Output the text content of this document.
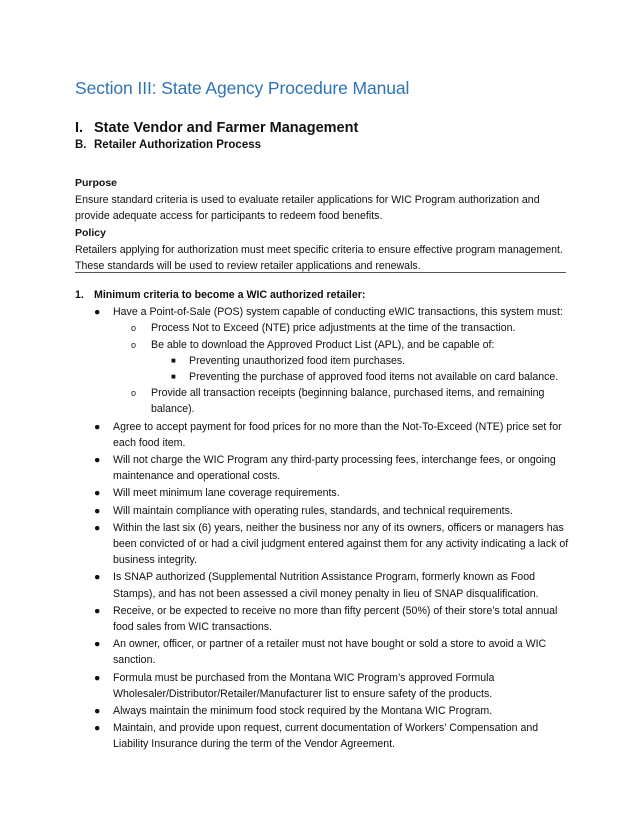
Section III: State Agency Procedure Manual
I. State Vendor and Farmer Management
B. Retailer Authorization Process
Purpose
Ensure standard criteria is used to evaluate retailer applications for WIC Program authorization and provide adequate access for participants to redeem food benefits.
Policy
Retailers applying for authorization must meet specific criteria to ensure effective program management. These standards will be used to review retailer applications and renewals.
1. Minimum criteria to become a WIC authorized retailer:
● Have a Point-of-Sale (POS) system capable of conducting eWIC transactions, this system must:
o Process Not to Exceed (NTE) price adjustments at the time of the transaction.
o Be able to download the Approved Product List (APL), and be capable of:
■ Preventing unauthorized food item purchases.
■ Preventing the purchase of approved food items not available on card balance.
o Provide all transaction receipts (beginning balance, purchased items, and remaining balance).
● Agree to accept payment for food prices for no more than the Not-To-Exceed (NTE) price set for each food item.
● Will not charge the WIC Program any third-party processing fees, interchange fees, or ongoing maintenance and operational costs.
● Will meet minimum lane coverage requirements.
● Will maintain compliance with operating rules, standards, and technical requirements.
● Within the last six (6) years, neither the business nor any of its owners, officers or managers has been convicted of or had a civil judgment entered against them for any activity indicating a lack of business integrity.
● Is SNAP authorized (Supplemental Nutrition Assistance Program, formerly known as Food Stamps), and has not been assessed a civil money penalty in lieu of SNAP disqualification.
● Receive, or be expected to receive no more than fifty percent (50%) of their store’s total annual food sales from WIC transactions.
● An owner, officer, or partner of a retailer must not have bought or sold a store to avoid a WIC sanction.
● Formula must be purchased from the Montana WIC Program’s approved Formula Wholesaler/Distributor/Retailer/Manufacturer list to ensure safety of the products.
● Always maintain the minimum food stock required by the Montana WIC Program.
● Maintain, and provide upon request, current documentation of Workers’ Compensation and Liability Insurance during the term of the Vendor Agreement.
